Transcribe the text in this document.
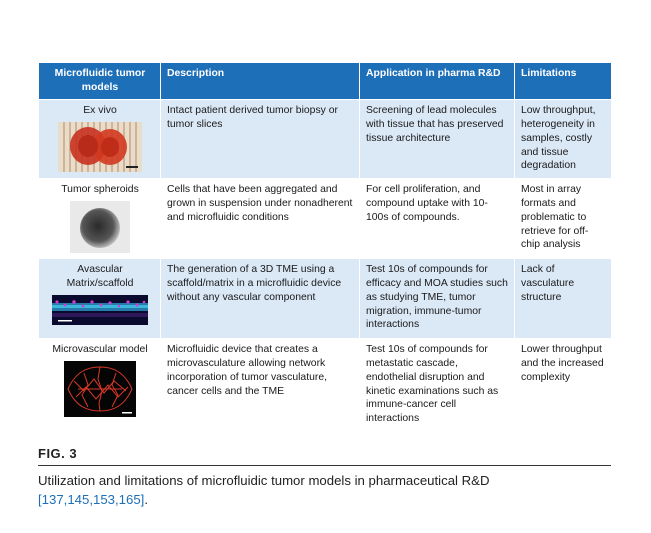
Microfluidic tumor models	Description	Application in pharma R&D	Limitations

Ex vivo	Intact patient derived tumor biopsy or tumor slices	Screening of lead molecules with tissue that has preserved tissue architecture	Low throughput, heterogeneity in samples, costly and tissue degradation

Tumor spheroids	Cells that have been aggregated and grown in suspension under nonadherent and microfluidic conditions	For cell proliferation, and compound uptake with 10-100s of compounds.	Most in array formats and problematic to retrieve for off-chip analysis

Avascular Matrix/scaffold	The generation of a 3D TME using a scaffold/matrix in a microfluidic device without any vascular component	Test 10s of compounds for efficacy and MOA studies such as studying TME, tumor migration, immune-tumor interactions	Lack of vasculature structure

Microvascular model	Microfluidic device that creates a microvasculature allowing network incorporation of tumor vasculature, cancer cells and the TME	Test 10s of compounds for metastatic cascade, endothelial disruption and kinetic examinations such as immune-cancer cell interactions	Lower throughput and the increased complexity
FIG. 3
Utilization and limitations of microfluidic tumor models in pharmaceutical R&D
[137,145,153,165].
